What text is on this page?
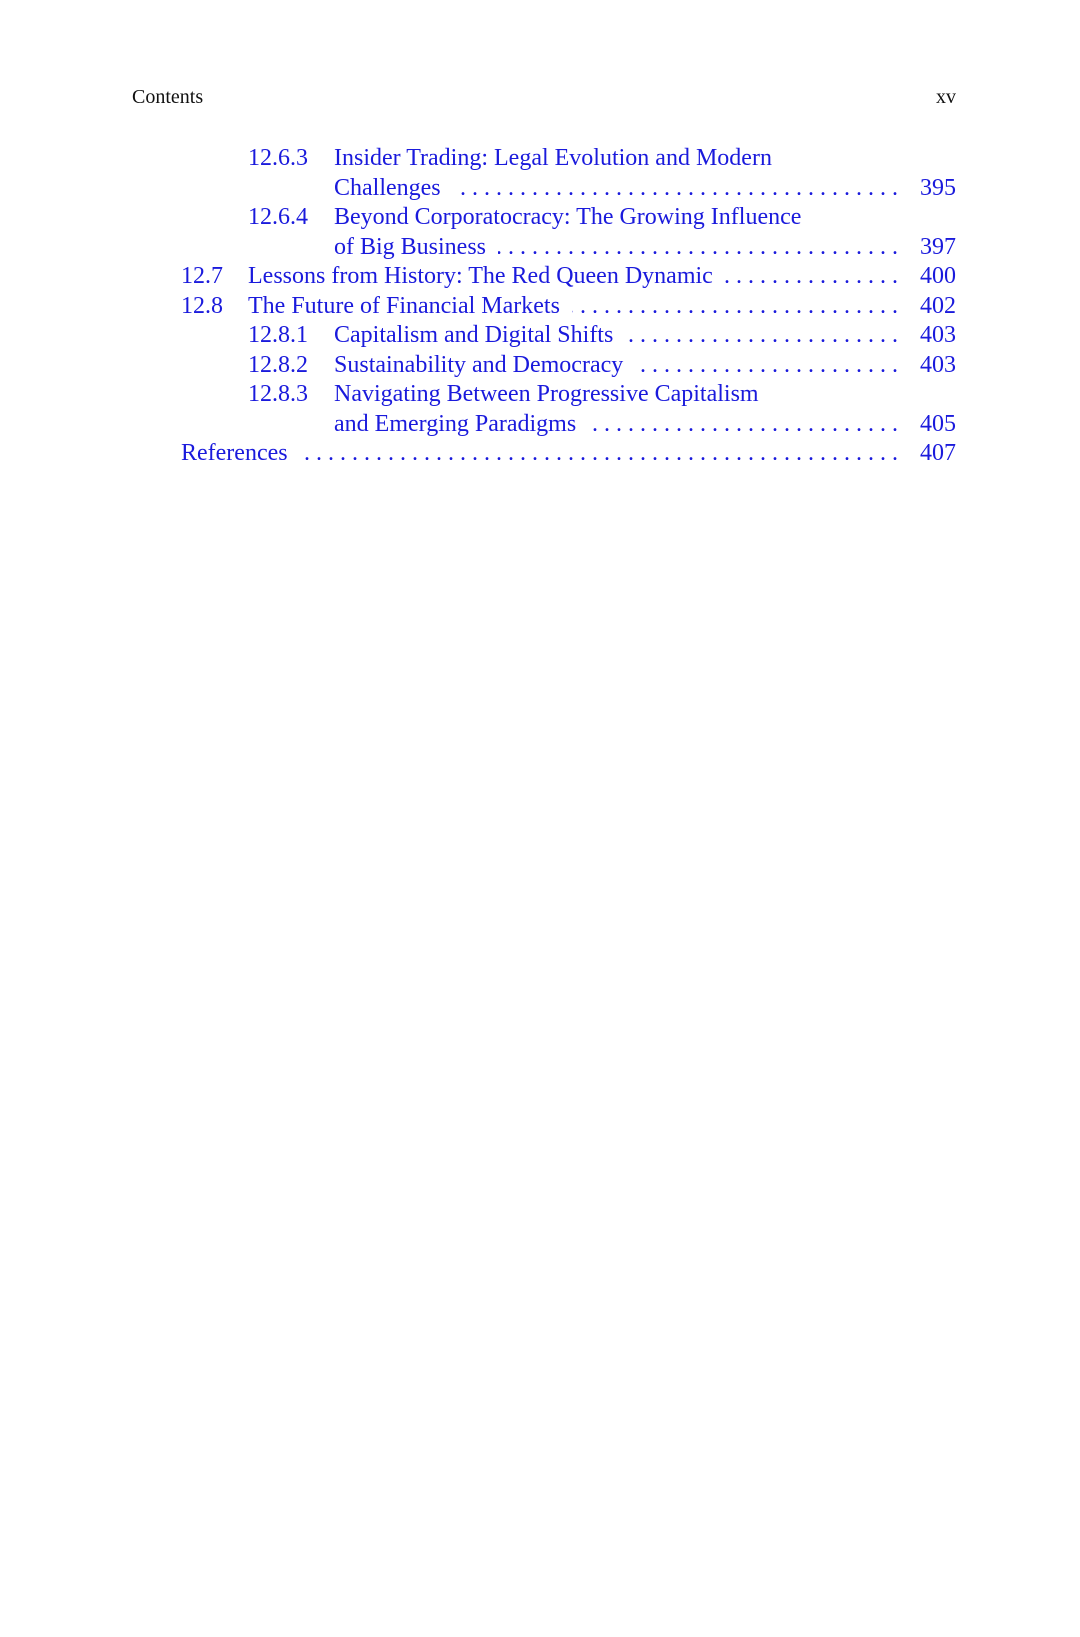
Contents	xv
12.6.3 Insider Trading: Legal Evolution and Modern
Challenges . . .	395
12.6.4 Beyond Corporatocracy: The Growing Influence
of Big Business . . .	397
12.7 Lessons from History: The Red Queen Dynamic . . .	400
12.8 The Future of Financial Markets . . .	402
12.8.1 Capitalism and Digital Shifts . . .	403
12.8.2 Sustainability and Democracy . . .	403
12.8.3 Navigating Between Progressive Capitalism
and Emerging Paradigms . . .	405
References . . .	407
